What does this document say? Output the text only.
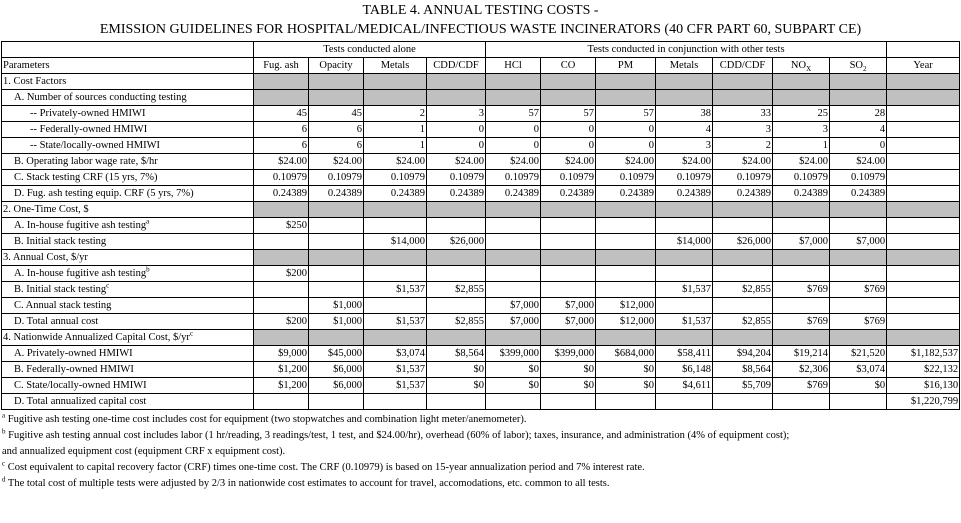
TABLE 4. ANNUAL TESTING COSTS -
EMISSION GUIDELINES FOR HOSPITAL/MEDICAL/INFECTIOUS WASTE INCINERATORS (40 CFR PART 60, SUBPART CE)
	Tests conducted alone				Tests conducted in conjunction with other tests							
Parameters	Fug. ash	Opacity	Metals	CDD/CDF	HCl	CO	PM	Metals	CDD/CDF	$NO_X$	$SO_2$	Year
1. Cost Factors												
A. Number of sources conducting testing												
-- Privately-owned HMIWI	45	45	2	3	57	57	57	38	33	25	28	
-- Federally-owned HMIWI	6	6	1	0	0	0	0	4	3	3	4	
-- State/locally-owned HMIWI	6	6	1	0	0	0	0	3	2	1	0	
B. Operating labor wage rate, $/hr	$24.00	$24.00	$24.00	$24.00	$24.00	$24.00	$24.00	$24.00	$24.00	$24.00	$24.00	
C. Stack testing CRF (15 yrs, 7%)	0.10979	0.10979	0.10979	0.10979	0.10979	0.10979	0.10979	0.10979	0.10979	0.10979	0.10979	
D. Fug. ash testing equip. CRF (5 yrs, 7%)	0.24389	0.24389	0.24389	0.24389	0.24389	0.24389	0.24389	0.24389	0.24389	0.24389	0.24389	
2. One-Time Cost, $												
A. In-house fugitive ash testing$^a$	$250											
B. Initial stack testing			$14,000	$26,000				$14,000	$26,000	$7,000	$7,000	
3. Annual Cost, $/yr												
A. In-house fugitive ash testing$^b$	$200											
B. Initial stack testing$^c$			$1,537	$2,855				$1,537	$2,855	$769	$769	
C. Annual stack testing		$1,000			$7,000	$7,000	$12,000					
D. Total annual cost	$200	$1,000	$1,537	$2,855	$7,000	$7,000	$12,000	$1,537	$2,855	$769	$769	
4. Nationwide Annualized Capital Cost, $\$/yr^c$												
A. Privately-owned HMIWI	$9,000	$45,000	$3,074	$8,564	$399,000	$399,000	$684,000	$58,411	$94,204	$19,214	$21,520	$1,182,537
B. Federally-owned HMIWI	$1,200	$6,000	$1,537	$0	$0	$0	$0	$6,148	$8,564	$2,306	$3,074	$22,132
C. State/locally-owned HMIWI	$1,200	$6,000	$1,537	$0	$0	$0	$0	$4,611	$5,709	$769	$0	$16,130
D. Total annualized capital cost												$1,220,799
$^a$ Fugitive ash testing one-time cost includes cost for equipment (two stopwatches and combination light meter/anemometer).
$^b$ Fugitive ash testing annual cost includes labor (1 hr/reading, 3 readings/test, 1 test, and $24.00/hr), overhead (60% of labor); taxes, insurance, and administration (4% of equipment cost);
and annualized equipment cost (equipment CRF x equipment cost).
$^c$ Cost equivalent to capital recovery factor (CRF) times one-time cost. The CRF (0.10979) is based on 15-year annualization period and 7% interest rate.
$^d$ The total cost of multiple tests were adjusted by 2/3 in nationwide cost estimates to account for travel, accomodations, etc. common to all tests.
